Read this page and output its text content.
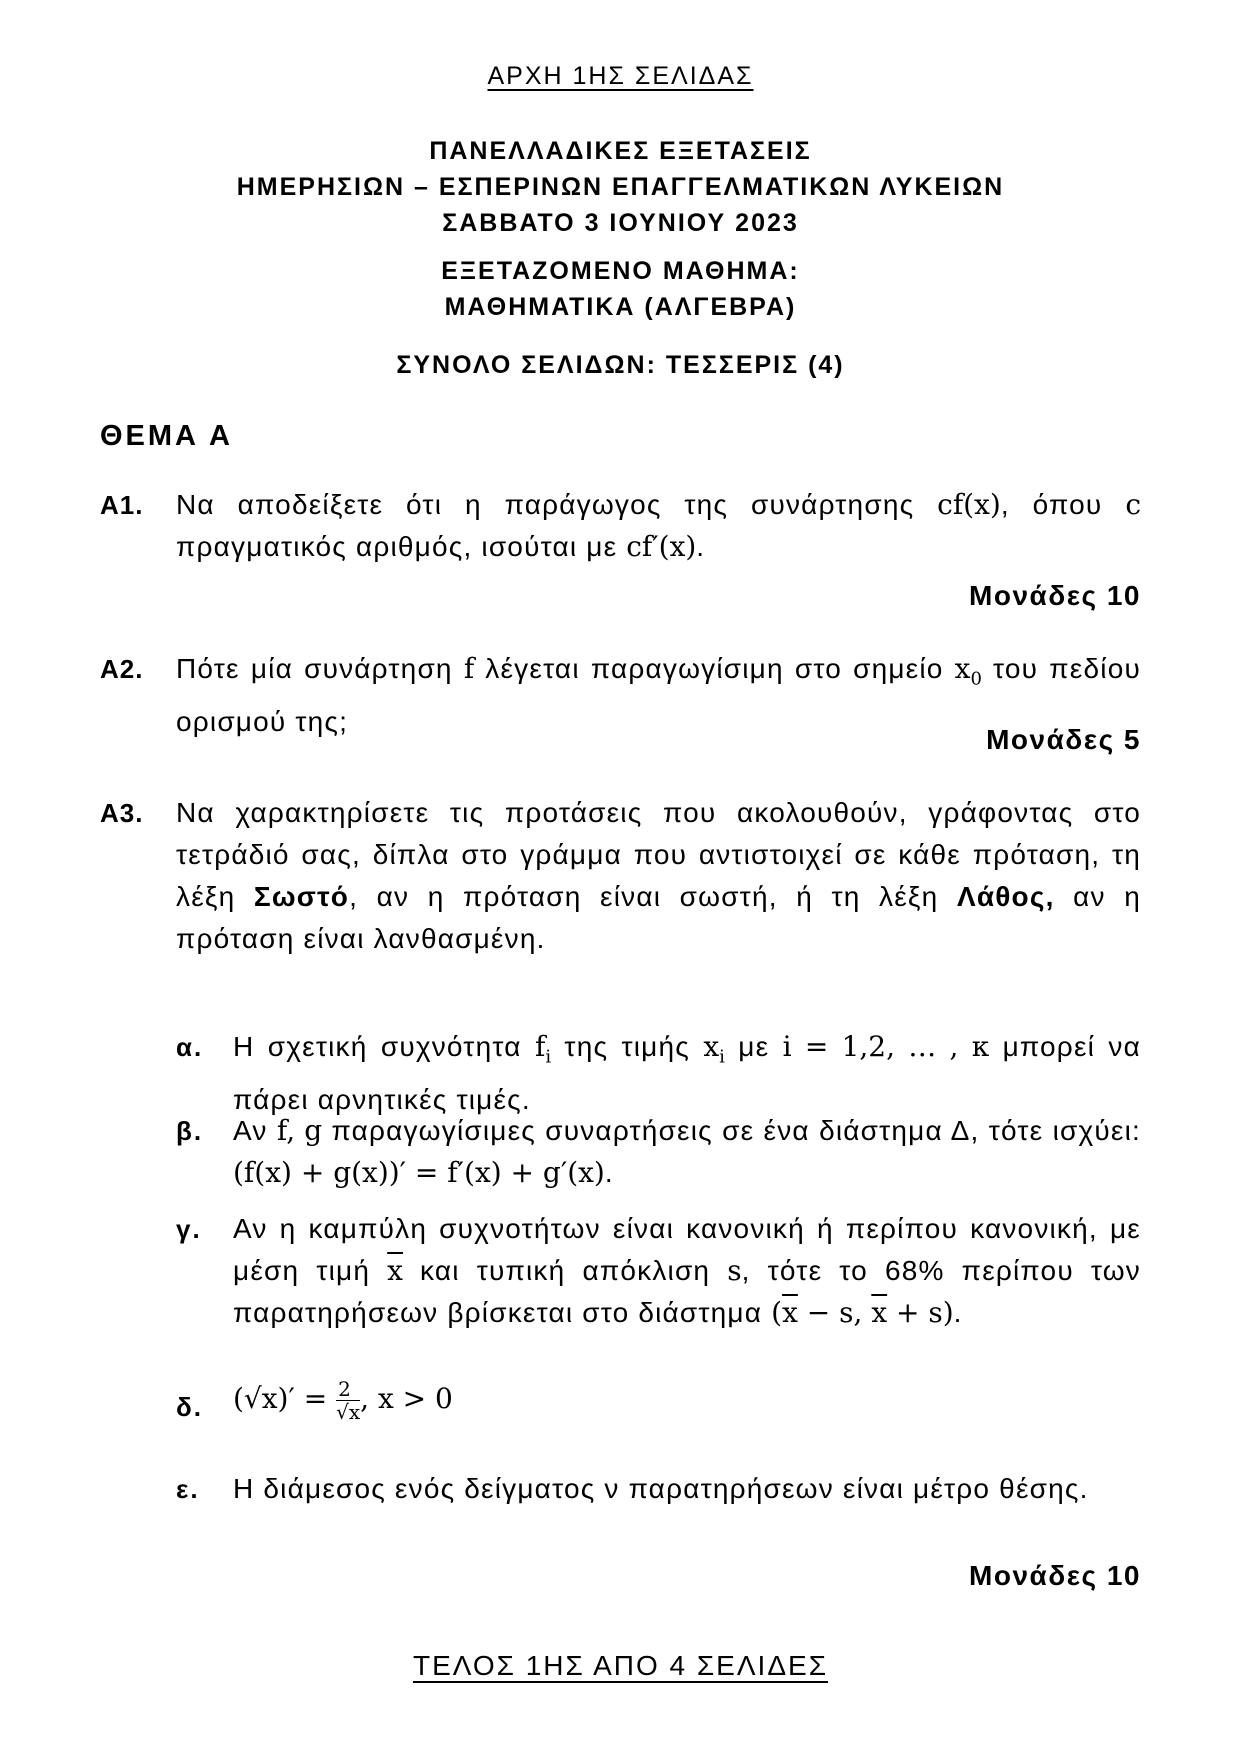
ΑΡΧΗ 1ΗΣ ΣΕΛΙΔΑΣ
ΠΑΝΕΛΛΑΔΙΚΕΣ ΕΞΕΤΑΣΕΙΣ
ΗΜΕΡΗΣΙΩΝ – ΕΣΠΕΡΙΝΩΝ ΕΠΑΓΓΕΛΜΑΤΙΚΩΝ ΛΥΚΕΙΩΝ
ΣΑΒΒΑΤΟ 3 ΙΟΥΝΙΟΥ 2023
ΕΞΕΤΑΖΟΜΕΝΟ ΜΑΘΗΜΑ:
ΜΑΘΗΜΑΤΙΚΑ (ΑΛΓΕΒΡΑ)
ΣΥΝΟΛΟ ΣΕΛΙΔΩΝ: ΤΕΣΣΕΡΙΣ (4)
ΘΕΜΑ Α
Α1. Να αποδείξετε ότι η παράγωγος της συνάρτησης cf(x), όπου c πραγματικός αριθμός, ισούται με cf′(x).
Μονάδες 10
Α2. Πότε μία συνάρτηση f λέγεται παραγωγίσιμη στο σημείο $x_0$ του πεδίου ορισμού της;
Μονάδες 5
Α3. Να χαρακτηρίσετε τις προτάσεις που ακολουθούν, γράφοντας στο τετράδιό σας, δίπλα στο γράμμα που αντιστοιχεί σε κάθε πρόταση, τη λέξη Σωστό, αν η πρόταση είναι σωστή, ή τη λέξη Λάθος, αν η πρόταση είναι λανθασμένη.
α. Η σχετική συχνότητα $f_i$ της τιμής $x_i$ με i = 1,2, … , κ μπορεί να πάρει αρνητικές τιμές.
β. Αν f, g παραγωγίσιμες συναρτήσεις σε ένα διάστημα Δ, τότε ισχύει: (f(x) + g(x))′ = f′(x) + g′(x).
γ. Αν η καμπύλη συχνοτήτων είναι κανονική ή περίπου κανονική, με μέση τιμή $\overline{x}$ και τυπική απόκλιση s, τότε το 68% περίπου των παρατηρήσεων βρίσκεται στο διάστημα ($\overline{x} - s$, $\overline{x} + s$).
δ. $(√x)' = \frac{2}{√x}$ , x > 0
ε. Η διάμεσος ενός δείγματος ν παρατηρήσεων είναι μέτρο θέσης.
Μονάδες 10
ΤΕΛΟΣ 1ΗΣ ΑΠΟ 4 ΣΕΛΙΔΕΣ
